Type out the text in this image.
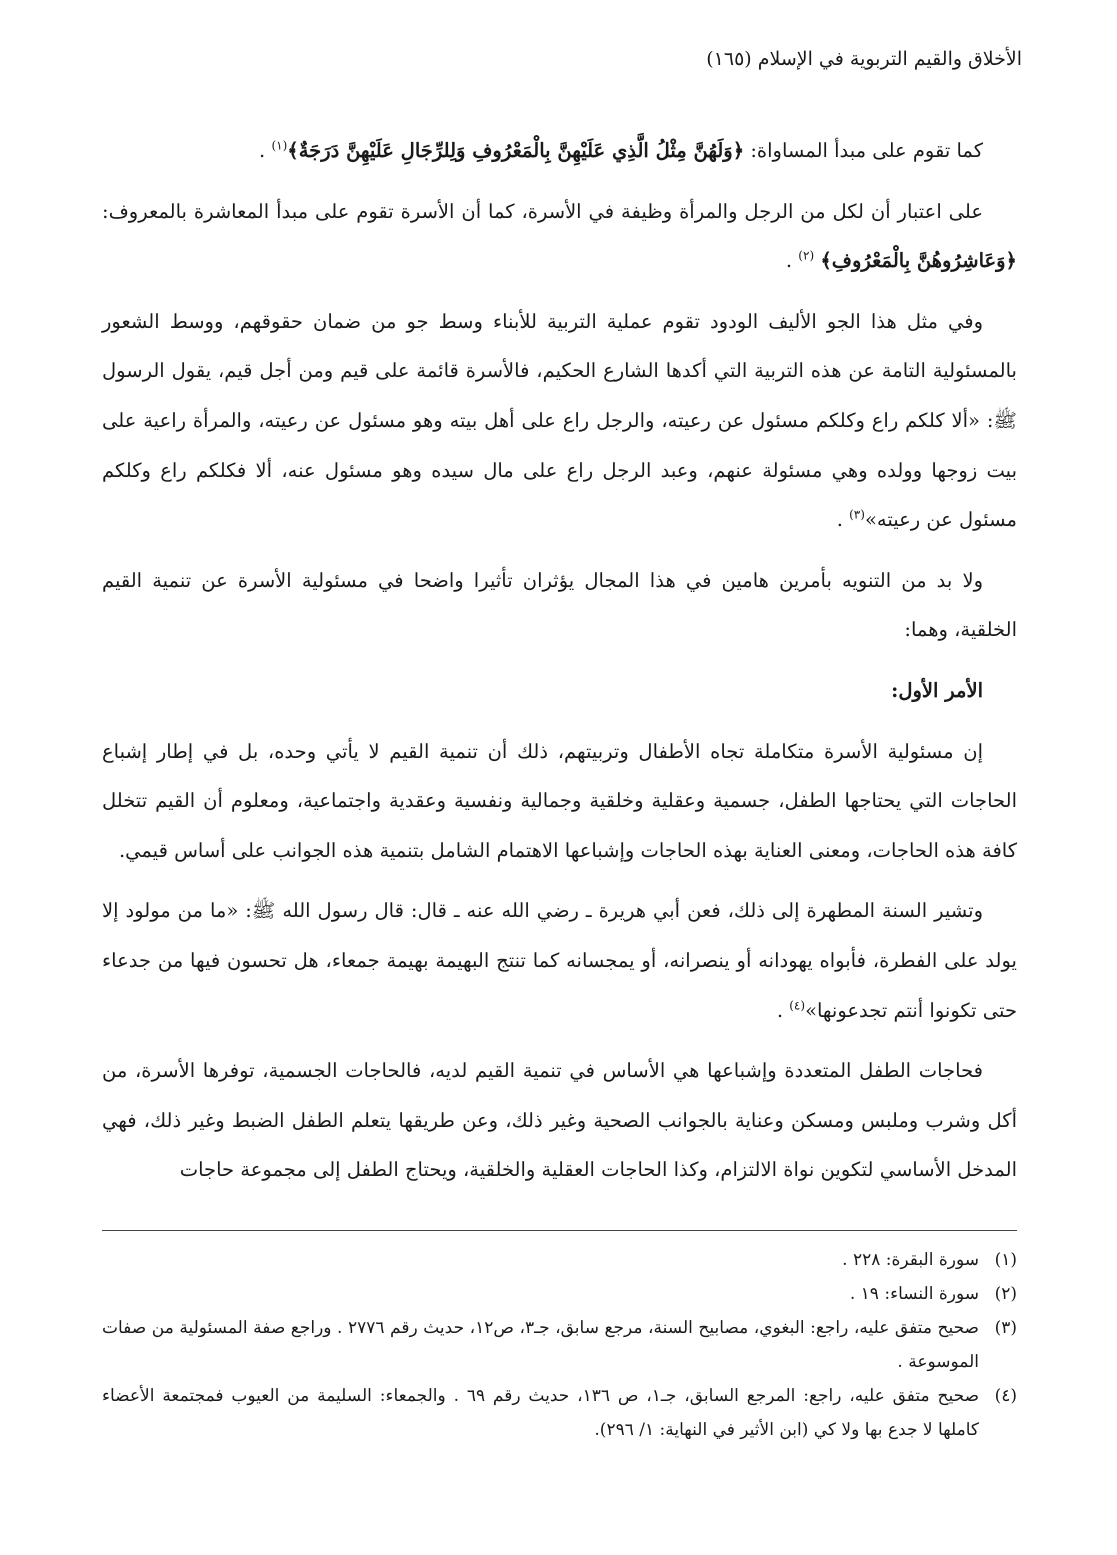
الأخلاق والقيم التربوية في الإسلام (١٦٥)

كما تقوم على مبدأ المساواة: ﴿وَلَهُنَّ مِثْلُ الَّذِي عَلَيْهِنَّ بِالْمَعْرُوفِ وَلِلرِّجَالِ عَلَيْهِنَّ دَرَجَةٌ﴾$^{(١)}$ .

على اعتبار أن لكل من الرجل والمرأة وظيفة في الأسرة، كما أن الأسرة تقوم على مبدأ المعاشرة بالمعروف: ﴿وَعَاشِرُوهُنَّ بِالْمَعْرُوفِ﴾ $^{(٢)}$ .

وفي مثل هذا الجو الأليف الودود تقوم عملية التربية للأبناء وسط جو من ضمان حقوقهم، ووسط الشعور بالمسئولية التامة عن هذه التربية التي أكدها الشارع الحكيم، فالأسرة قائمة على قيم ومن أجل قيم، يقول الرسول ﷺ: «ألا كلكم راع وكلكم مسئول عن رعيته، والرجل راع على أهل بيته وهو مسئول عن رعيته، والمرأة راعية على بيت زوجها وولده وهي مسئولة عنهم، وعبد الرجل راع على مال سيده وهو مسئول عنه، ألا فكلكم راع وكلكم مسئول عن رعيته»$^{(٣)}$ .

ولا بد من التنويه بأمرين هامين في هذا المجال يؤثران تأثيرا واضحا في مسئولية الأسرة عن تنمية القيم الخلقية، وهما:

الأمر الأول:

إن مسئولية الأسرة متكاملة تجاه الأطفال وتربيتهم، ذلك أن تنمية القيم لا يأتي وحده، بل في إطار إشباع الحاجات التي يحتاجها الطفل، جسمية وعقلية وخلقية وجمالية ونفسية وعقدية واجتماعية، ومعلوم أن القيم تتخلل كافة هذه الحاجات، ومعنى العناية بهذه الحاجات وإشباعها الاهتمام الشامل بتنمية هذه الجوانب على أساس قيمي.

وتشير السنة المطهرة إلى ذلك، فعن أبي هريرة ـ رضي الله عنه ـ قال: قال رسول الله ﷺ: «ما من مولود إلا يولد على الفطرة، فأبواه يهودانه أو ينصرانه، أو يمجسانه كما تنتج البهيمة بهيمة جمعاء، هل تحسون فيها من جدعاء حتى تكونوا أنتم تجدعونها»$^{(٤)}$ .

فحاجات الطفل المتعددة وإشباعها هي الأساس في تنمية القيم لديه، فالحاجات الجسمية، توفرها الأسرة، من أكل وشرب وملبس ومسكن وعناية بالجوانب الصحية وغير ذلك، وعن طريقها يتعلم الطفل الضبط وغير ذلك، فهي المدخل الأساسي لتكوين نواة الالتزام، وكذا الحاجات العقلية والخلقية، ويحتاج الطفل إلى مجموعة حاجات

(١)
سورة البقرة: ٢٢٨ .
(٢)
سورة النساء: ١٩ .
(٣)
صحيح متفق عليه، راجع: البغوي، مصابيح السنة، مرجع سابق، جـ٣، ص١٢، حديث رقم ٢٧٧٦ . وراجع صفة المسئولية من صفات الموسوعة .
(٤)
صحيح متفق عليه، راجع: المرجع السابق، جـ١، ص ١٣٦، حديث رقم ٦٩ . والجمعاء: السليمة من العيوب فمجتمعة الأعضاء كاملها لا جدع بها ولا كي (ابن الأثير في النهاية: ١/ ٢٩٦).
